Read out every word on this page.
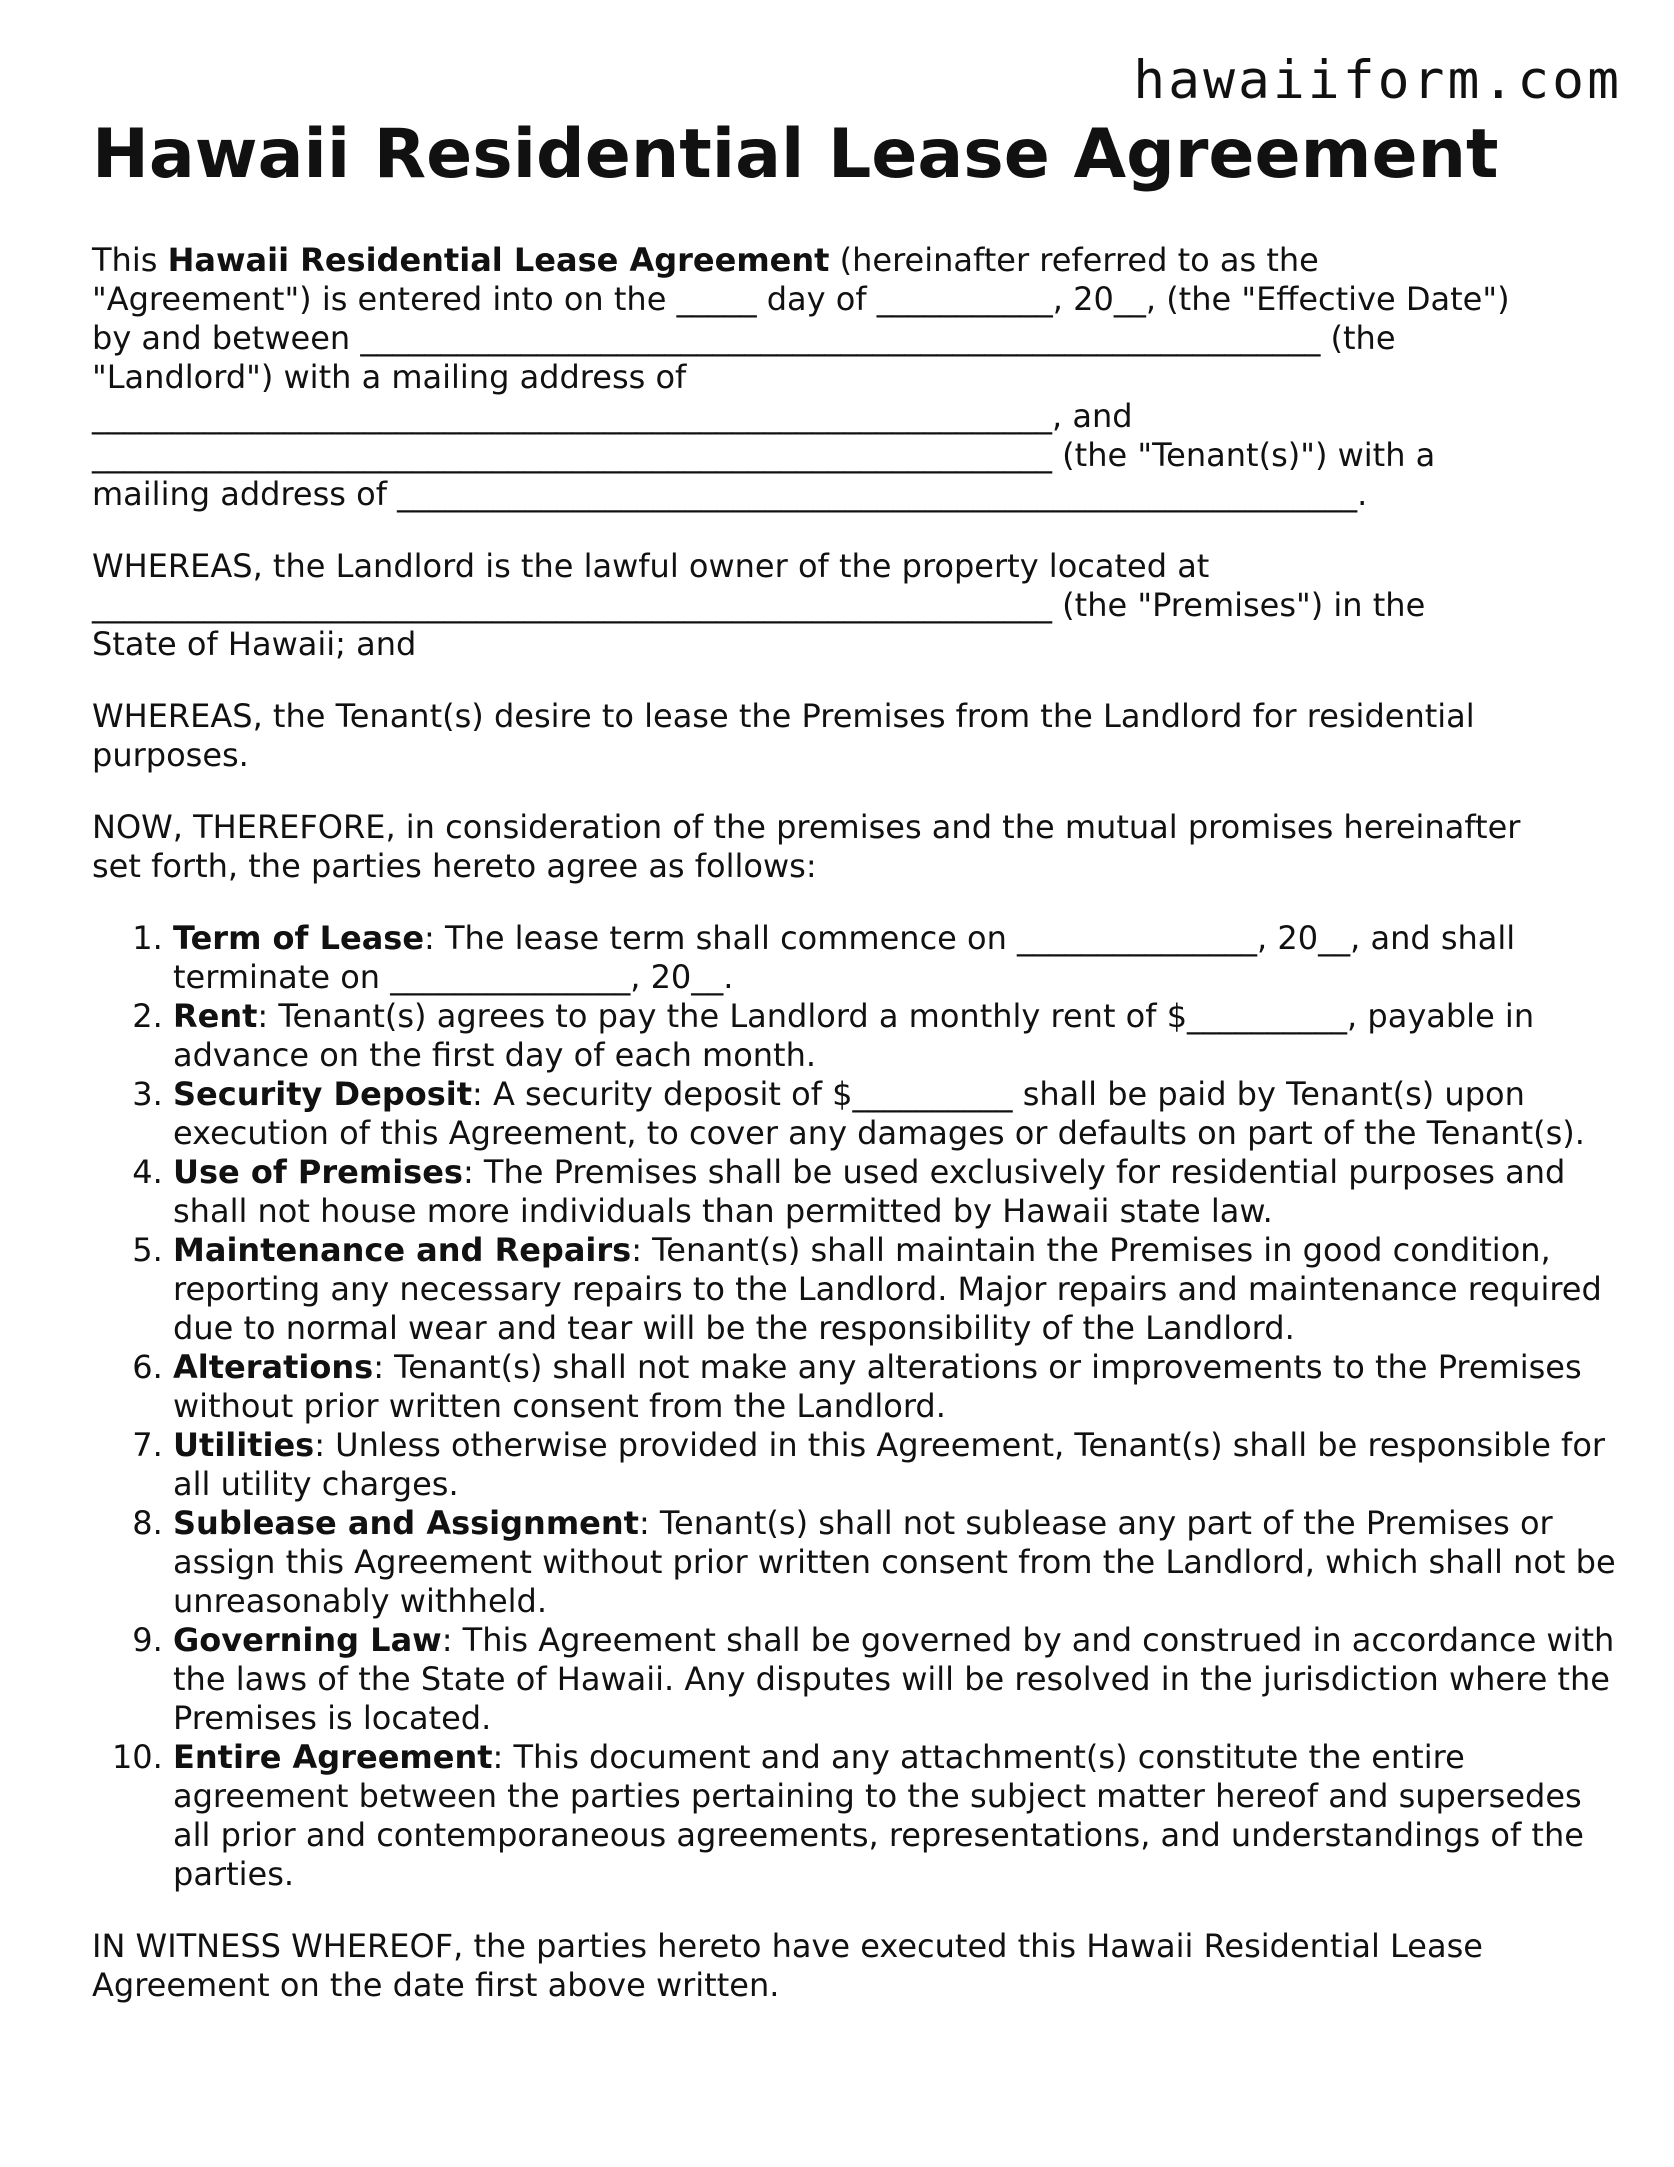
hawaiiform.com
Hawaii Residential Lease Agreement

This Hawaii Residential Lease Agreement (hereinafter referred to as the
"Agreement") is entered into on the _____ day of ___________, 20__, (the "Effective Date")
by and between ____________________________________________________________ (the
"Landlord") with a mailing address of
____________________________________________________________, and
____________________________________________________________ (the "Tenant(s)") with a
mailing address of ____________________________________________________________.

WHEREAS, the Landlord is the lawful owner of the property located at
____________________________________________________________ (the "Premises") in the
State of Hawaii; and

WHEREAS, the Tenant(s) desire to lease the Premises from the Landlord for residential
purposes.

NOW, THEREFORE, in consideration of the premises and the mutual promises hereinafter
set forth, the parties hereto agree as follows:

1. Term of Lease: The lease term shall commence on _______________, 20__, and shall terminate on _______________, 20__.
2. Rent: Tenant(s) agrees to pay the Landlord a monthly rent of $__________, payable in advance on the first day of each month.
3. Security Deposit: A security deposit of $__________ shall be paid by Tenant(s) upon execution of this Agreement, to cover any damages or defaults on part of the Tenant(s).
4. Use of Premises: The Premises shall be used exclusively for residential purposes and shall not house more individuals than permitted by Hawaii state law.
5. Maintenance and Repairs: Tenant(s) shall maintain the Premises in good condition, reporting any necessary repairs to the Landlord. Major repairs and maintenance required due to normal wear and tear will be the responsibility of the Landlord.
6. Alterations: Tenant(s) shall not make any alterations or improvements to the Premises without prior written consent from the Landlord.
7. Utilities: Unless otherwise provided in this Agreement, Tenant(s) shall be responsible for all utility charges.
8. Sublease and Assignment: Tenant(s) shall not sublease any part of the Premises or assign this Agreement without prior written consent from the Landlord, which shall not be unreasonably withheld.
9. Governing Law: This Agreement shall be governed by and construed in accordance with the laws of the State of Hawaii. Any disputes will be resolved in the jurisdiction where the Premises is located.
10. Entire Agreement: This document and any attachment(s) constitute the entire agreement between the parties pertaining to the subject matter hereof and supersedes all prior and contemporaneous agreements, representations, and understandings of the parties.

IN WITNESS WHEREOF, the parties hereto have executed this Hawaii Residential Lease
Agreement on the date first above written.
